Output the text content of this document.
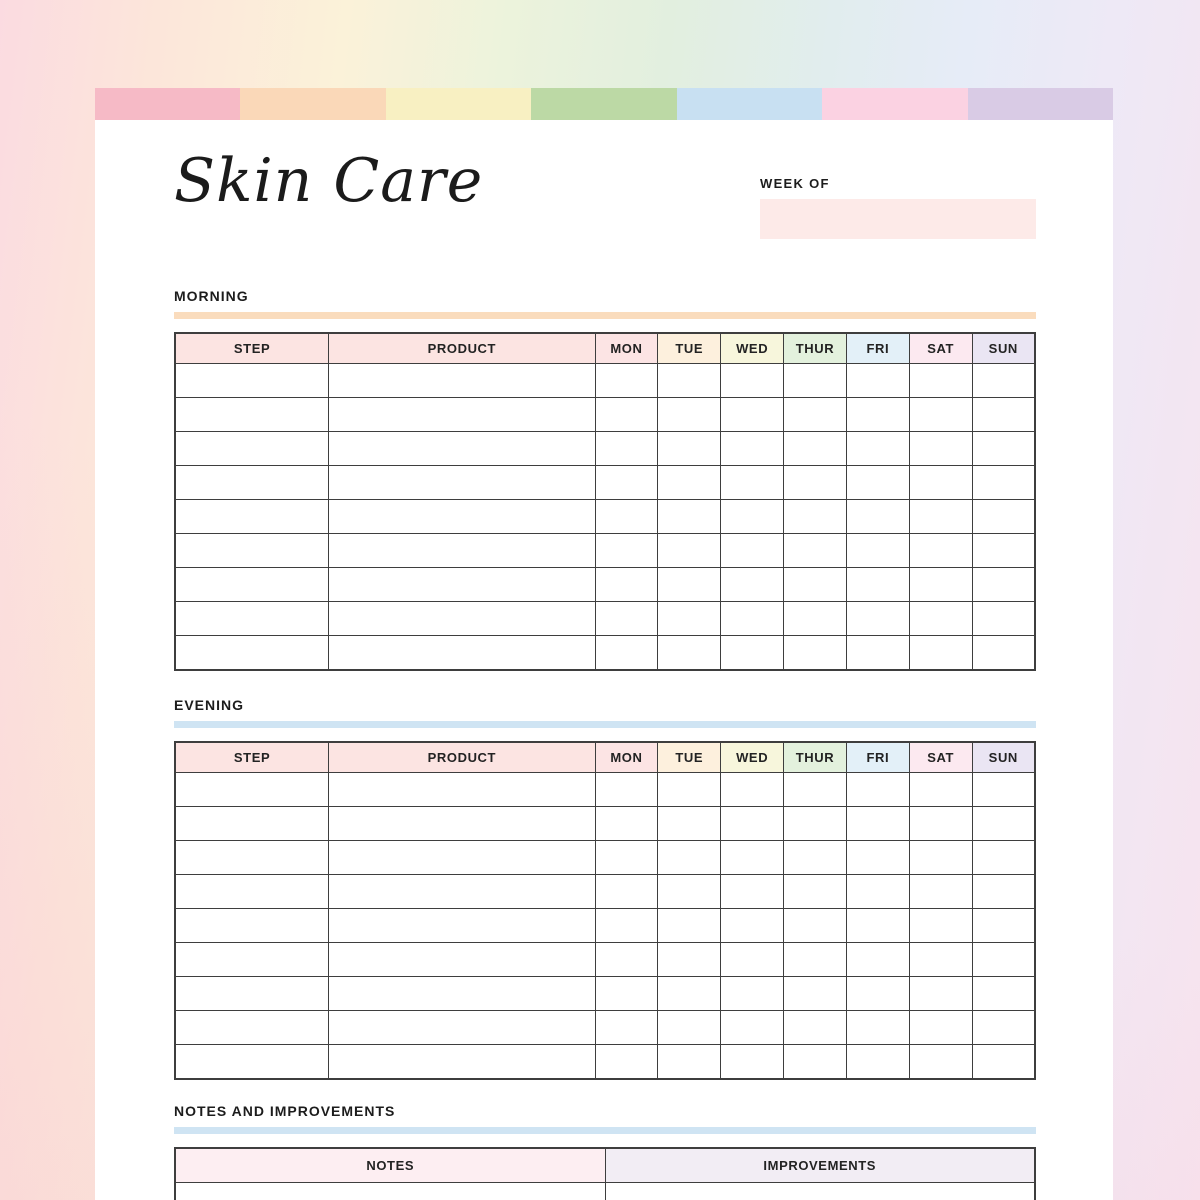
Skin Care	WEEK OF
MORNING
STEP	PRODUCT	MON	TUE	WED	THUR	FRI	SAT	SUN

EVENING
STEP	PRODUCT	MON	TUE	WED	THUR	FRI	SAT	SUN

NOTES AND IMPROVEMENTS
NOTES	IMPROVEMENTS
